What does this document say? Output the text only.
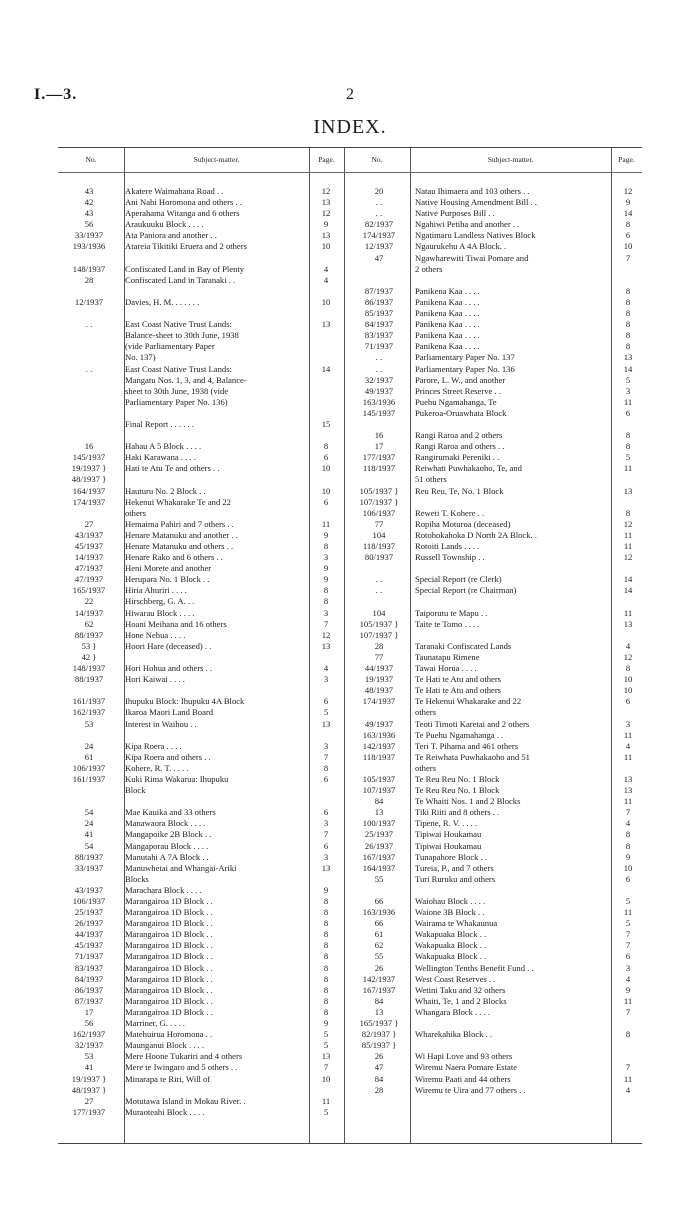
I.—3.	2
INDEX.
No.	Subject-matter.	Page.	No.	Subject-matter.	Page.
43	Akatere Waimahana Road . .	12
42	Ani Nahi Horomona and others . .	13
43	Aperahama Witanga and 6 others	12
56	Araukuuku Block . . . .	9
33/1937	Ata Paniora and another . .	13
193/1936	Atareia Tikitiki Eruera and 2 others	10
148/1937	Confiscated Land in Bay of Plenty	4
28	Confiscated Land in Taranaki . .	4
12/1937	Davies, H. M. . . . . . .	10
. .	East Coast Native Trust Lands:	13
Balance-sheet to 30th June, 1938
(vide Parliamentary Paper
No. 137)
. .	East Coast Native Trust Lands:	14
Mangatu Nos. 1, 3, and 4, Balance-
sheet to 30th June, 1938 (vide
Parliamentary Paper No. 136)
Final Report . . . . . .	15
16	Hahau A 5 Block . . . .	8
145/1937	Haki Karawana . . . .	6
19/1937 }	Hati te Atu Te and others . .	10
48/1937 }
164/1937	Hauturu No. 2 Block . .	10
174/1937	Hekenui Whakarake Te and 22	6
others
27	Hemaima Pahiri and 7 others . .	11
43/1937	Henare Matanuku and another . .	9
45/1937	Henare Matanuku and others . .	8
14/1937	Henare Rako and 6 others . .	3
47/1937	Heni Morete and another	9
47/1937	Herupara No. 1 Block . .	9
165/1937	Hiria Ahuriri . . . .	8
22	Hirschberg, G. A. . .	8
14/1937	Hiwarau Block . . . .	3
62	Hoani Meihana and 16 others	7
88/1937	Hone Nehua . . . .	12
53 }	Hoori Hare (deceased) . .	13
42 }
148/1937	Hori Hohua and others . .	4
88/1937	Hori Kaiwai . . . .	3
161/1937	Ihupuku Block: Ihupuku 4A Block	6
162/1937	Ikaroa Maori Land Board	5
53	Interest in Waihou . .	13
24	Kipa Roera . . . .	3
61	Kipa Roera and others . .	7
106/1937	Kohere, R. T. . . . .	8
161/1937	Kuki Rima Wakarua: Ihupuku	6
Block
54	Mae Kauika and 33 others	6
24	Manawaora Block . . . .	3
41	Mangapoike 2B Block . .	7
54	Mangaporau Block . . . .	6
88/1937	Manutahi A 7A Block . .	3
33/1937	Manuwhetai and Whangai-Ariki	13
Blocks
43/1937	Marachara Block . . . .	9
106/1937	Marangairoa 1D Block . .	8
25/1937	Marangairoa 1D Block . .	8
26/1937	Marangairoa 1D Block . .	8
44/1937	Marangairoa 1D Block . .	8
45/1937	Marangairoa 1D Block . .	8
71/1937	Marangairoa 1D Block . .	8
83/1937	Marangairoa 1D Block . .	8
84/1937	Marangairoa 1D Block . .	8
86/1937	Marangairoa 1D Block . .	8
87/1937	Marangairoa 1D Block . .	8
17	Marangairoa 1D Block . .	8
56	Marriner, G. . . . .	9
162/1937	Matehuirua Horomona . .	5
32/1937	Maunganui Block . . . .	5
53	Mere Hoone Tukariri and 4 others	13
41	Mere te Iwingaro and 5 others . .	7
19/1937 }	Minarapa te Riri, Will of	10
48/1937 }
27	Motutawa Island in Mokau River. .	11
177/1937	Muraoteahi Block . . . .	5
20	Natau Ihimaera and 103 others . .	12
. .	Native Housing Amendment Bill . .	9
. .	Native Purposes Bill . .	14
82/1937	Ngahiwi Petiha and another . .	8
174/1937	Ngatimaru Landless Natives Block	6
12/1937	Ngaurukehu A 4A Block. .	10
47	Ngawharewiti Tiwai Pomare and	7
2 others
87/1937	Panikena Kaa . . . .	8
86/1937	Panikena Kaa . . . .	8
85/1937	Panikena Kaa . . . .	8
84/1937	Panikena Kaa . . . .	8
83/1937	Panikena Kaa . . . .	8
71/1937	Panikena Kaa . . . .	8
. .	Parliamentary Paper No. 137	13
. .	Parliamentary Paper No. 136	14
32/1937	Parore, L. W., and another	5
49/1937	Princes Street Reserve . .	3
163/1936	Puehu Ngamahanga, Te	11
145/1937	Pukeroa-Oruawhata Block	6
16	Rangi Raroa and 2 others	8
17	Rangi Raroa and others . .	8
177/1937	Rangirumaki Pereniki . .	5
118/1937	Reiwhati Puwhakaoho, Te, and	11
51 others
105/1937 }	Reu Reu, Te, No. 1 Block	13
107/1937 }
106/1937	Reweti T. Kohere . .	8
77	Ropiha Moturoa (deceased)	12
104	Rotohokahoka D North 2A Block. .	11
118/1937	Rotoiti Lands . . . .	11
80/1937	Russell Township . .	12
. .	Special Report (re Clerk)	14
. .	Special Report (re Chairman)	14
104	Taiporutu te Mapu . .	11
105/1937 }	Taite te Tomo . . . .	13
107/1937 }
28	Taranaki Confiscated Lands	4
77	Taunatapu Rimene	12
44/1937	Tawai Horua . . . .	8
19/1937	Te Hati te Atu and others	10
48/1937	Te Hati te Atu and others	10
174/1937	Te Hekenui Whakarake and 22	6
others
49/1937	Teoti Timoti Karetai and 2 others	3
163/1936	Te Puehu Ngamahanga . .	11
142/1937	Teri T. Pihama and 461 others	4
118/1937	Te Reiwhata Puwhakaoho and 51	11
others
105/1937	Te Reu Reu No. 1 Block	13
107/1937	Te Reu Reu No. 1 Block	13
84	Te Whaiti Nos. 1 and 2 Blocks	11
13	Tiki Riiti and 8 others . .	7
100/1937	Tipene, R. V. . . . .	4
25/1937	Tipiwai Houkamau	8
26/1937	Tipiwai Houkamau	8
167/1937	Tunapahore Block . .	9
164/1937	Tureia, P., and 7 others	10
55	Turi Ruruku and others	6
66	Waiohau Block . . . .	5
163/1936	Waione 3B Block . .	11
66	Wairama te Whakaunua	5
61	Wakapuaka Block . .	7
62	Wakapuaka Block . .	7
55	Wakapuaka Block . .	6
26	Wellington Tenths Benefit Fund . .	3
142/1937	West Coast Reserves . .	4
167/1937	Wetini Taku and 32 others	9
84	Whaiti, Te, 1 and 2 Blocks	11
13	Whangara Block . . . .	7
165/1937 }
82/1937 }	Wharekahika Block . .	8
85/1937 }
26	Wi Hapi Love and 93 others
47	Wiremu Naera Pomare Estate	7
84	Wiremu Paati and 44 others	11
28	Wiremu te Uira and 77 others . .	4
